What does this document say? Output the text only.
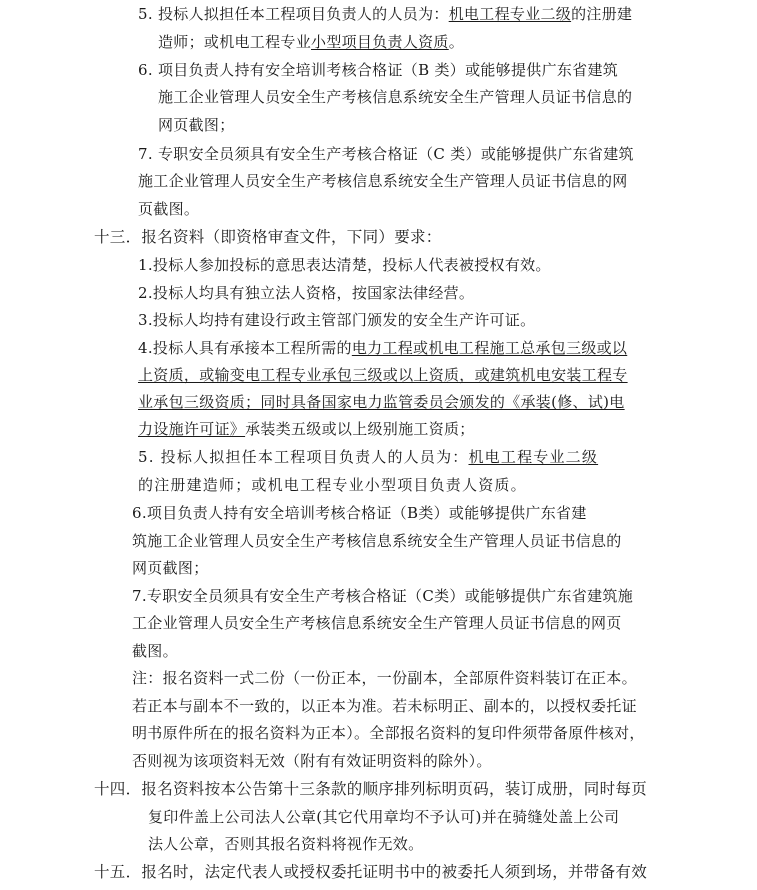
5. 投标人拟担任本工程项目负责人的人员为：机电工程专业二级的注册建
造师；或机电工程专业小型项目负责人资质。
6. 项目负责人持有安全培训考核合格证（B 类）或能够提供广东省建筑
施工企业管理人员安全生产考核信息系统安全生产管理人员证书信息的
网页截图；
7. 专职安全员须具有安全生产考核合格证（C 类）或能够提供广东省建筑
施工企业管理人员安全生产考核信息系统安全生产管理人员证书信息的网
页截图。
十三．报名资料（即资格审查文件，下同）要求：
1.投标人参加投标的意思表达清楚，投标人代表被授权有效。
2.投标人均具有独立法人资格，按国家法律经营。
3.投标人均持有建设行政主管部门颁发的安全生产许可证。
4.投标人具有承接本工程所需的电力工程或机电工程施工总承包三级或以
上资质，或输变电工程专业承包三级或以上资质，或建筑机电安装工程专
业承包三级资质；同时具备国家电力监管委员会颁发的《承装(修、试)电
力设施许可证》承装类五级或以上级别施工资质；
5. 投标人拟担任本工程项目负责人的人员为：机电工程专业二级
的注册建造师；或机电工程专业小型项目负责人资质。
6.项目负责人持有安全培训考核合格证（B类）或能够提供广东省建
筑施工企业管理人员安全生产考核信息系统安全生产管理人员证书信息的
网页截图；
7.专职安全员须具有安全生产考核合格证（C类）或能够提供广东省建筑施
工企业管理人员安全生产考核信息系统安全生产管理人员证书信息的网页
截图。
注：报名资料一式二份（一份正本，一份副本，全部原件资料装订在正本。
若正本与副本不一致的，以正本为准。若未标明正、副本的，以授权委托证
明书原件所在的报名资料为正本）。全部报名资料的复印件须带备原件核对，
否则视为该项资料无效（附有有效证明资料的除外）。
十四．报名资料按本公告第十三条款的顺序排列标明页码，装订成册，同时每页
复印件盖上公司法人公章(其它代用章均不予认可)并在骑缝处盖上公司
法人公章，否则其报名资料将视作无效。
十五．报名时，法定代表人或授权委托证明书中的被委托人须到场，并带备有效
